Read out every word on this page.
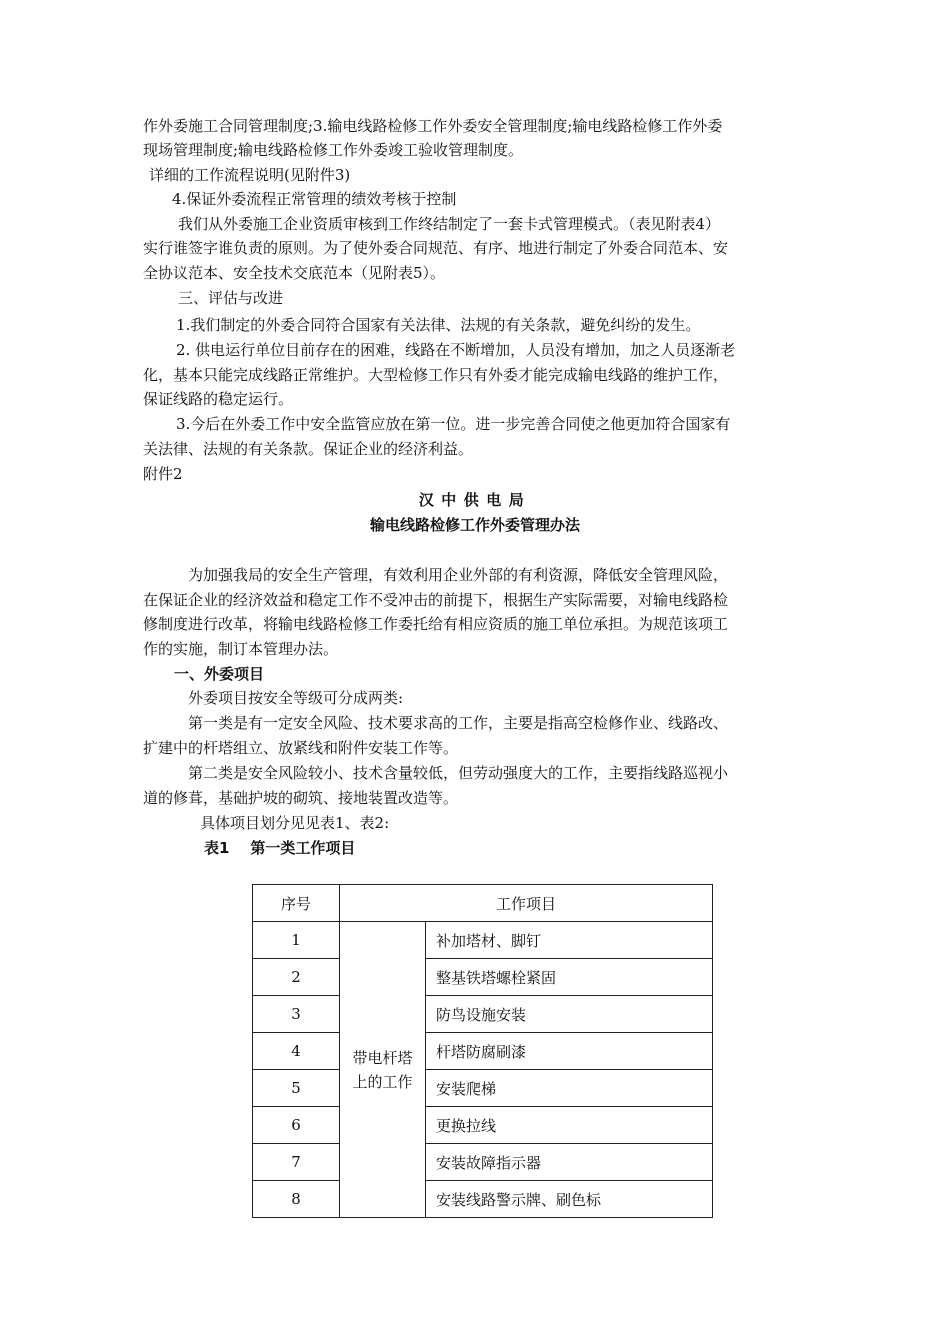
作外委施工合同管理制度;3.输电线路检修工作外委安全管理制度;输电线路检修工作外委
现场管理制度;输电线路检修工作外委竣工验收管理制度。
详细的工作流程说明(见附件3)
4.保证外委流程正常管理的绩效考核于控制
我们从外委施工企业资质审核到工作终结制定了一套卡式管理模式。（表见附表4）
实行谁签字谁负责的原则。为了使外委合同规范、有序、地进行制定了外委合同范本、安
全协议范本、安全技术交底范本（见附表5）。
三、评估与改进
1.我们制定的外委合同符合国家有关法律、法规的有关条款，避免纠纷的发生。
2. 供电运行单位目前存在的困难，线路在不断增加，人员没有增加，加之人员逐渐老
化，基本只能完成线路正常维护。大型检修工作只有外委才能完成输电线路的维护工作，
保证线路的稳定运行。
3.今后在外委工作中安全监管应放在第一位。进一步完善合同使之他更加符合国家有
关法律、法规的有关条款。保证企业的经济利益。
附件2
汉中供电局
输电线路检修工作外委管理办法
为加强我局的安全生产管理，有效利用企业外部的有利资源，降低安全管理风险，
在保证企业的经济效益和稳定工作不受冲击的前提下，根据生产实际需要，对输电线路检
修制度进行改革，将输电线路检修工作委托给有相应资质的施工单位承担。为规范该项工
作的实施，制订本管理办法。
一、外委项目
外委项目按安全等级可分成两类:
第一类是有一定安全风险、技术要求高的工作，主要是指高空检修作业、线路改、
扩建中的杆塔组立、放紧线和附件安装工作等。
第二类是安全风险较小、技术含量较低，但劳动强度大的工作，主要指线路巡视小
道的修葺，基础护坡的砌筑、接地装置改造等。
具体项目划分见见表1、表2:
表1    第一类工作项目
序号	工作项目	
1	带电杆塔上的工作	补加塔材、脚钉
2		整基铁塔螺栓紧固
3		防鸟设施安装
4		杆塔防腐刷漆
5		安装爬梯
6		更换拉线
7		安装故障指示器
8		安装线路警示牌、刷色标
